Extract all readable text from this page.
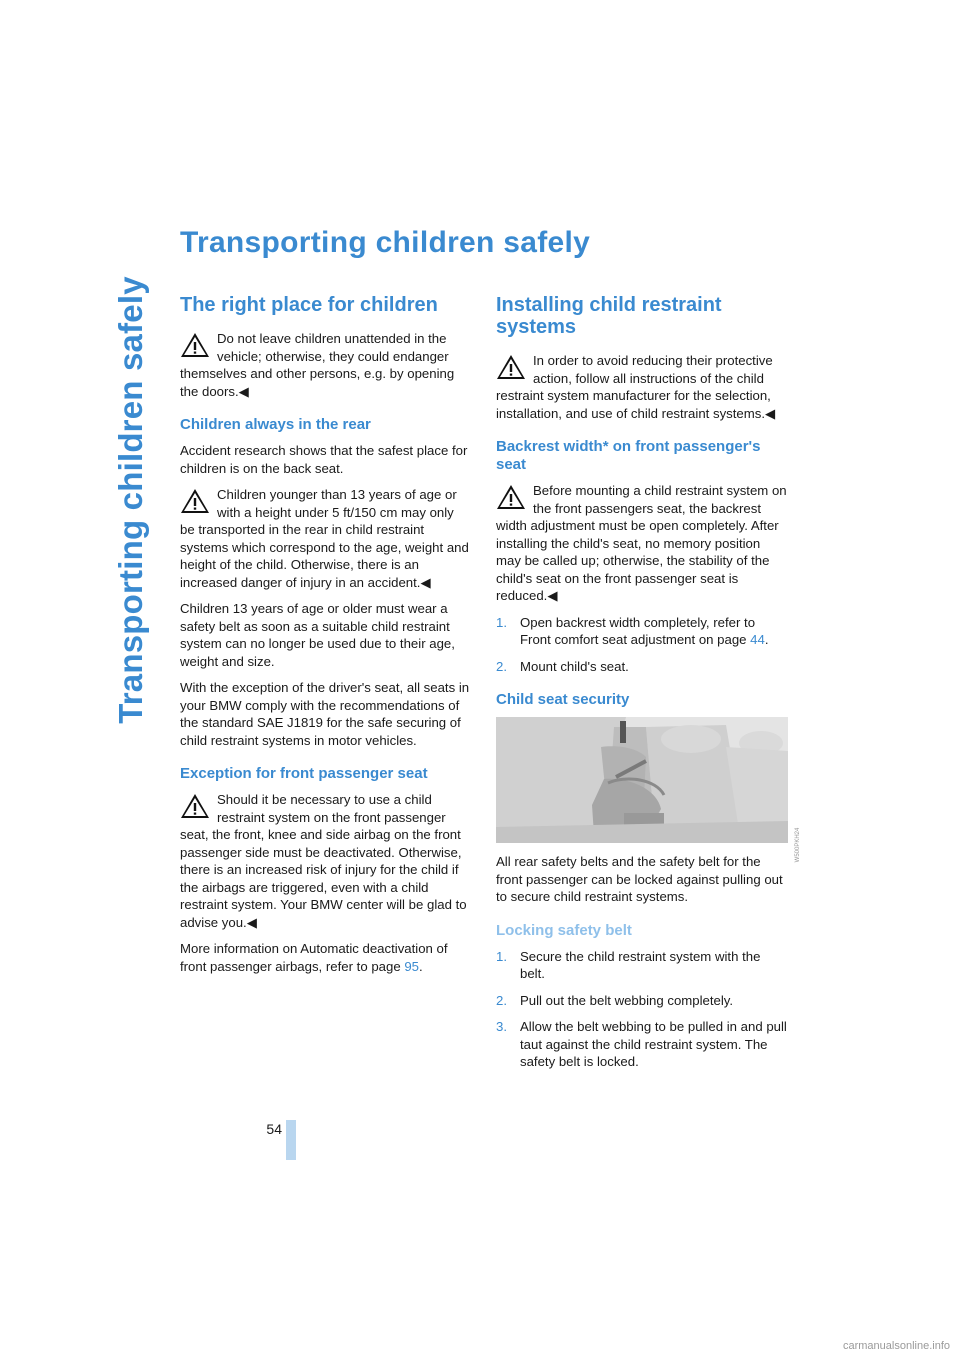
Transporting children safely
Transporting children safely
The right place for children
Do not leave children unattended in the vehicle; otherwise, they could endanger themselves and other persons, e.g. by opening the doors.◀
Children always in the rear

Accident research shows that the safest place for children is on the back seat.

Children younger than 13 years of age or with a height under 5 ft/150 cm may only be transported in the rear in child restraint systems which correspond to the age, weight and height of the child. Otherwise, there is an increased danger of injury in an accident.◀

Children 13 years of age or older must wear a safety belt as soon as a suitable child restraint system can no longer be used due to their age, weight and size.

With the exception of the driver's seat, all seats in your BMW comply with the recommendations of the standard SAE J1819 for the safe securing of child restraint systems in motor vehicles.

Exception for front passenger seat
Should it be necessary to use a child restraint system on the front passenger seat, the front, knee and side airbag on the front passenger side must be deactivated. Otherwise, there is an increased risk of injury for the child if the airbags are triggered, even with a child restraint system. Your BMW center will be glad to advise you.◀

More information on Automatic deactivation of front passenger airbags, refer to page 95.

Installing child restraint systems
In order to avoid reducing their protective action, follow all instructions of the child restraint system manufacturer for the selection, installation, and use of child restraint systems.◀
Backrest width* on front passenger's seat
Before mounting a child restraint system on the front passengers seat, the backrest width adjustment must be open completely. After installing the child's seat, no memory position may be called up; otherwise, the stability of the child's seat on the front passenger seat is reduced.◀
1. Open backrest width completely, refer to Front comfort seat adjustment on page 44.
2. Mount child's seat.
Child seat security

All rear safety belts and the safety belt for the front passenger can be locked against pulling out to secure child restraint systems.

Locking safety belt
1. Secure the child restraint system with the belt.
2. Pull out the belt webbing completely.
3. Allow the belt webbing to be pulled in and pull taut against the child restraint system. The safety belt is locked.
W500PKH24
54
carmanualsonline.info
